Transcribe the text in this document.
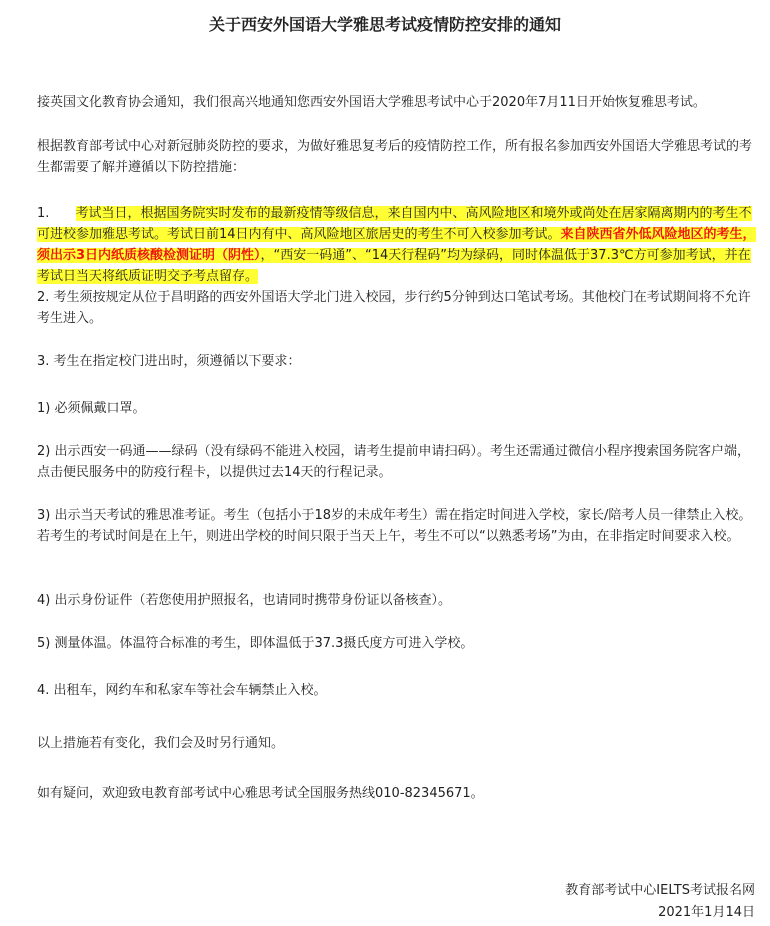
关于西安外国语大学雅思考试疫情防控安排的通知

接英国文化教育协会通知，我们很高兴地通知您西安外国语大学雅思考试中心于2020年7月11日开始恢复雅思考试。

根据教育部考试中心对新冠肺炎防控的要求，为做好雅思复考后的疫情防控工作，所有报名参加西安外国语大学雅思考试的考生都需要了解并遵循以下防控措施：

1. 考试当日，根据国务院实时发布的最新疫情等级信息，来自国内中、高风险地区和境外或尚处在居家隔离期内的考生不可进校参加雅思考试。考试日前14日内有中、高风险地区旅居史的考生不可入校参加考试。来自陕西省外低风险地区的考生，须出示3日内纸质核酸检测证明（阴性），“西安一码通”、“14天行程码”均为绿码，同时体温低于37.3℃方可参加考试，并在考试日当天将纸质证明交予考点留存。

2. 考生须按规定从位于昌明路的西安外国语大学北门进入校园，步行约5分钟到达口笔试考场。其他校门在考试期间将不允许考生进入。

3. 考生在指定校门进出时，须遵循以下要求：

1) 必须佩戴口罩。

2) 出示西安一码通——绿码（没有绿码不能进入校园，请考生提前申请扫码）。考生还需通过微信小程序搜索国务院客户端，点击便民服务中的防疫行程卡，以提供过去14天的行程记录。

3) 出示当天考试的雅思准考证。考生（包括小于18岁的未成年考生）需在指定时间进入学校，家长/陪考人员一律禁止入校。若考生的考试时间是在上午，则进出学校的时间只限于当天上午，考生不可以“以熟悉考场”为由，在非指定时间要求入校。

4) 出示身份证件（若您使用护照报名，也请同时携带身份证以备核查）。

5) 测量体温。体温符合标准的考生，即体温低于37.3摄氏度方可进入学校。

4. 出租车，网约车和私家车等社会车辆禁止入校。

以上措施若有变化，我们会及时另行通知。

如有疑问，欢迎致电教育部考试中心雅思考试全国服务热线010-82345671。

教育部考试中心IELTS考试报名网
2021年1月14日
